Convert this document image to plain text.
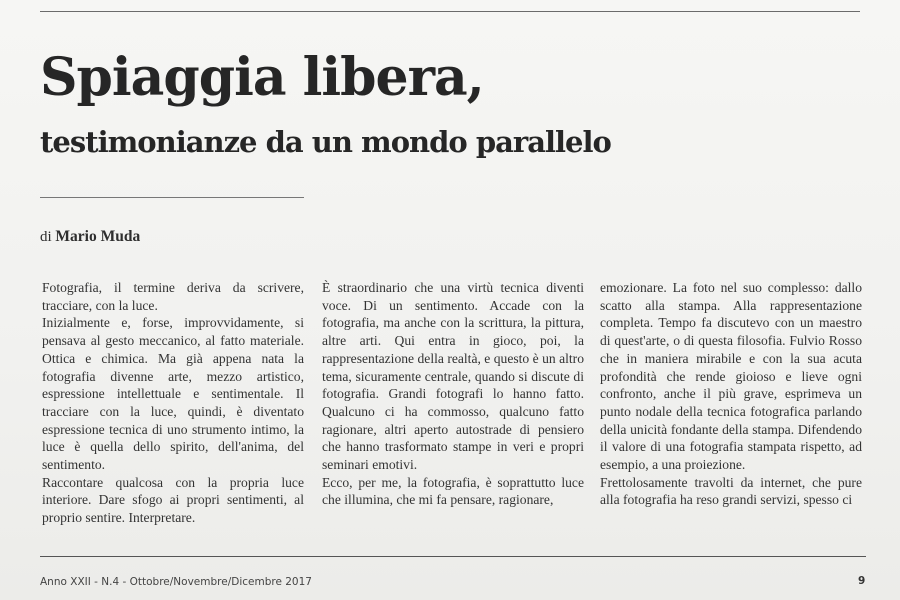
Spiaggia libera,
testimonianze da un mondo parallelo
di Mario Muda

Fotografia, il termine deriva da scrivere, tracciare, con la luce.

Inizialmente e, forse, improvvidamente, si pensava al gesto meccanico, al fatto materiale. Ottica e chimica. Ma già appena nata la fotografia divenne arte, mezzo artistico, espressione intellettuale e sentimentale. Il tracciare con la luce, quindi, è diventato espressione tecnica di uno strumento intimo, la luce è quella dello spirito, dell'anima, del sentimento.

Raccontare qualcosa con la propria luce interiore. Dare sfogo ai propri sentimenti, al proprio sentire. Interpretare.

È straordinario che una virtù tecnica diventi voce. Di un sentimento. Accade con la fotografia, ma anche con la scrittura, la pittura, altre arti. Qui entra in gioco, poi, la rappresentazione della realtà, e questo è un altro tema, sicuramente centrale, quando si discute di fotografia. Grandi fotografi lo hanno fatto. Qualcuno ci ha commosso, qualcuno fatto ragionare, altri aperto autostrade di pensiero che hanno trasformato stampe in veri e propri seminari emotivi.

Ecco, per me, la fotografia, è soprattutto luce che illumina, che mi fa pensare, ragionare,

emozionare. La foto nel suo complesso: dallo scatto alla stampa. Alla rappresentazione completa. Tempo fa discutevo con un maestro di quest'arte, o di questa filosofia. Fulvio Rosso che in maniera mirabile e con la sua acuta profondità che rende gioioso e lieve ogni confronto, anche il più grave, esprimeva un punto nodale della tecnica fotografica parlando della unicità fondante della stampa. Difendendo il valore di una fotografia stampata rispetto, ad esempio, a una proiezione.

Frettolosamente travolti da internet, che pure alla fotografia ha reso grandi servizi, spesso ci

Anno XXII - N.4 - Ottobre/Novembre/Dicembre 2017	9
